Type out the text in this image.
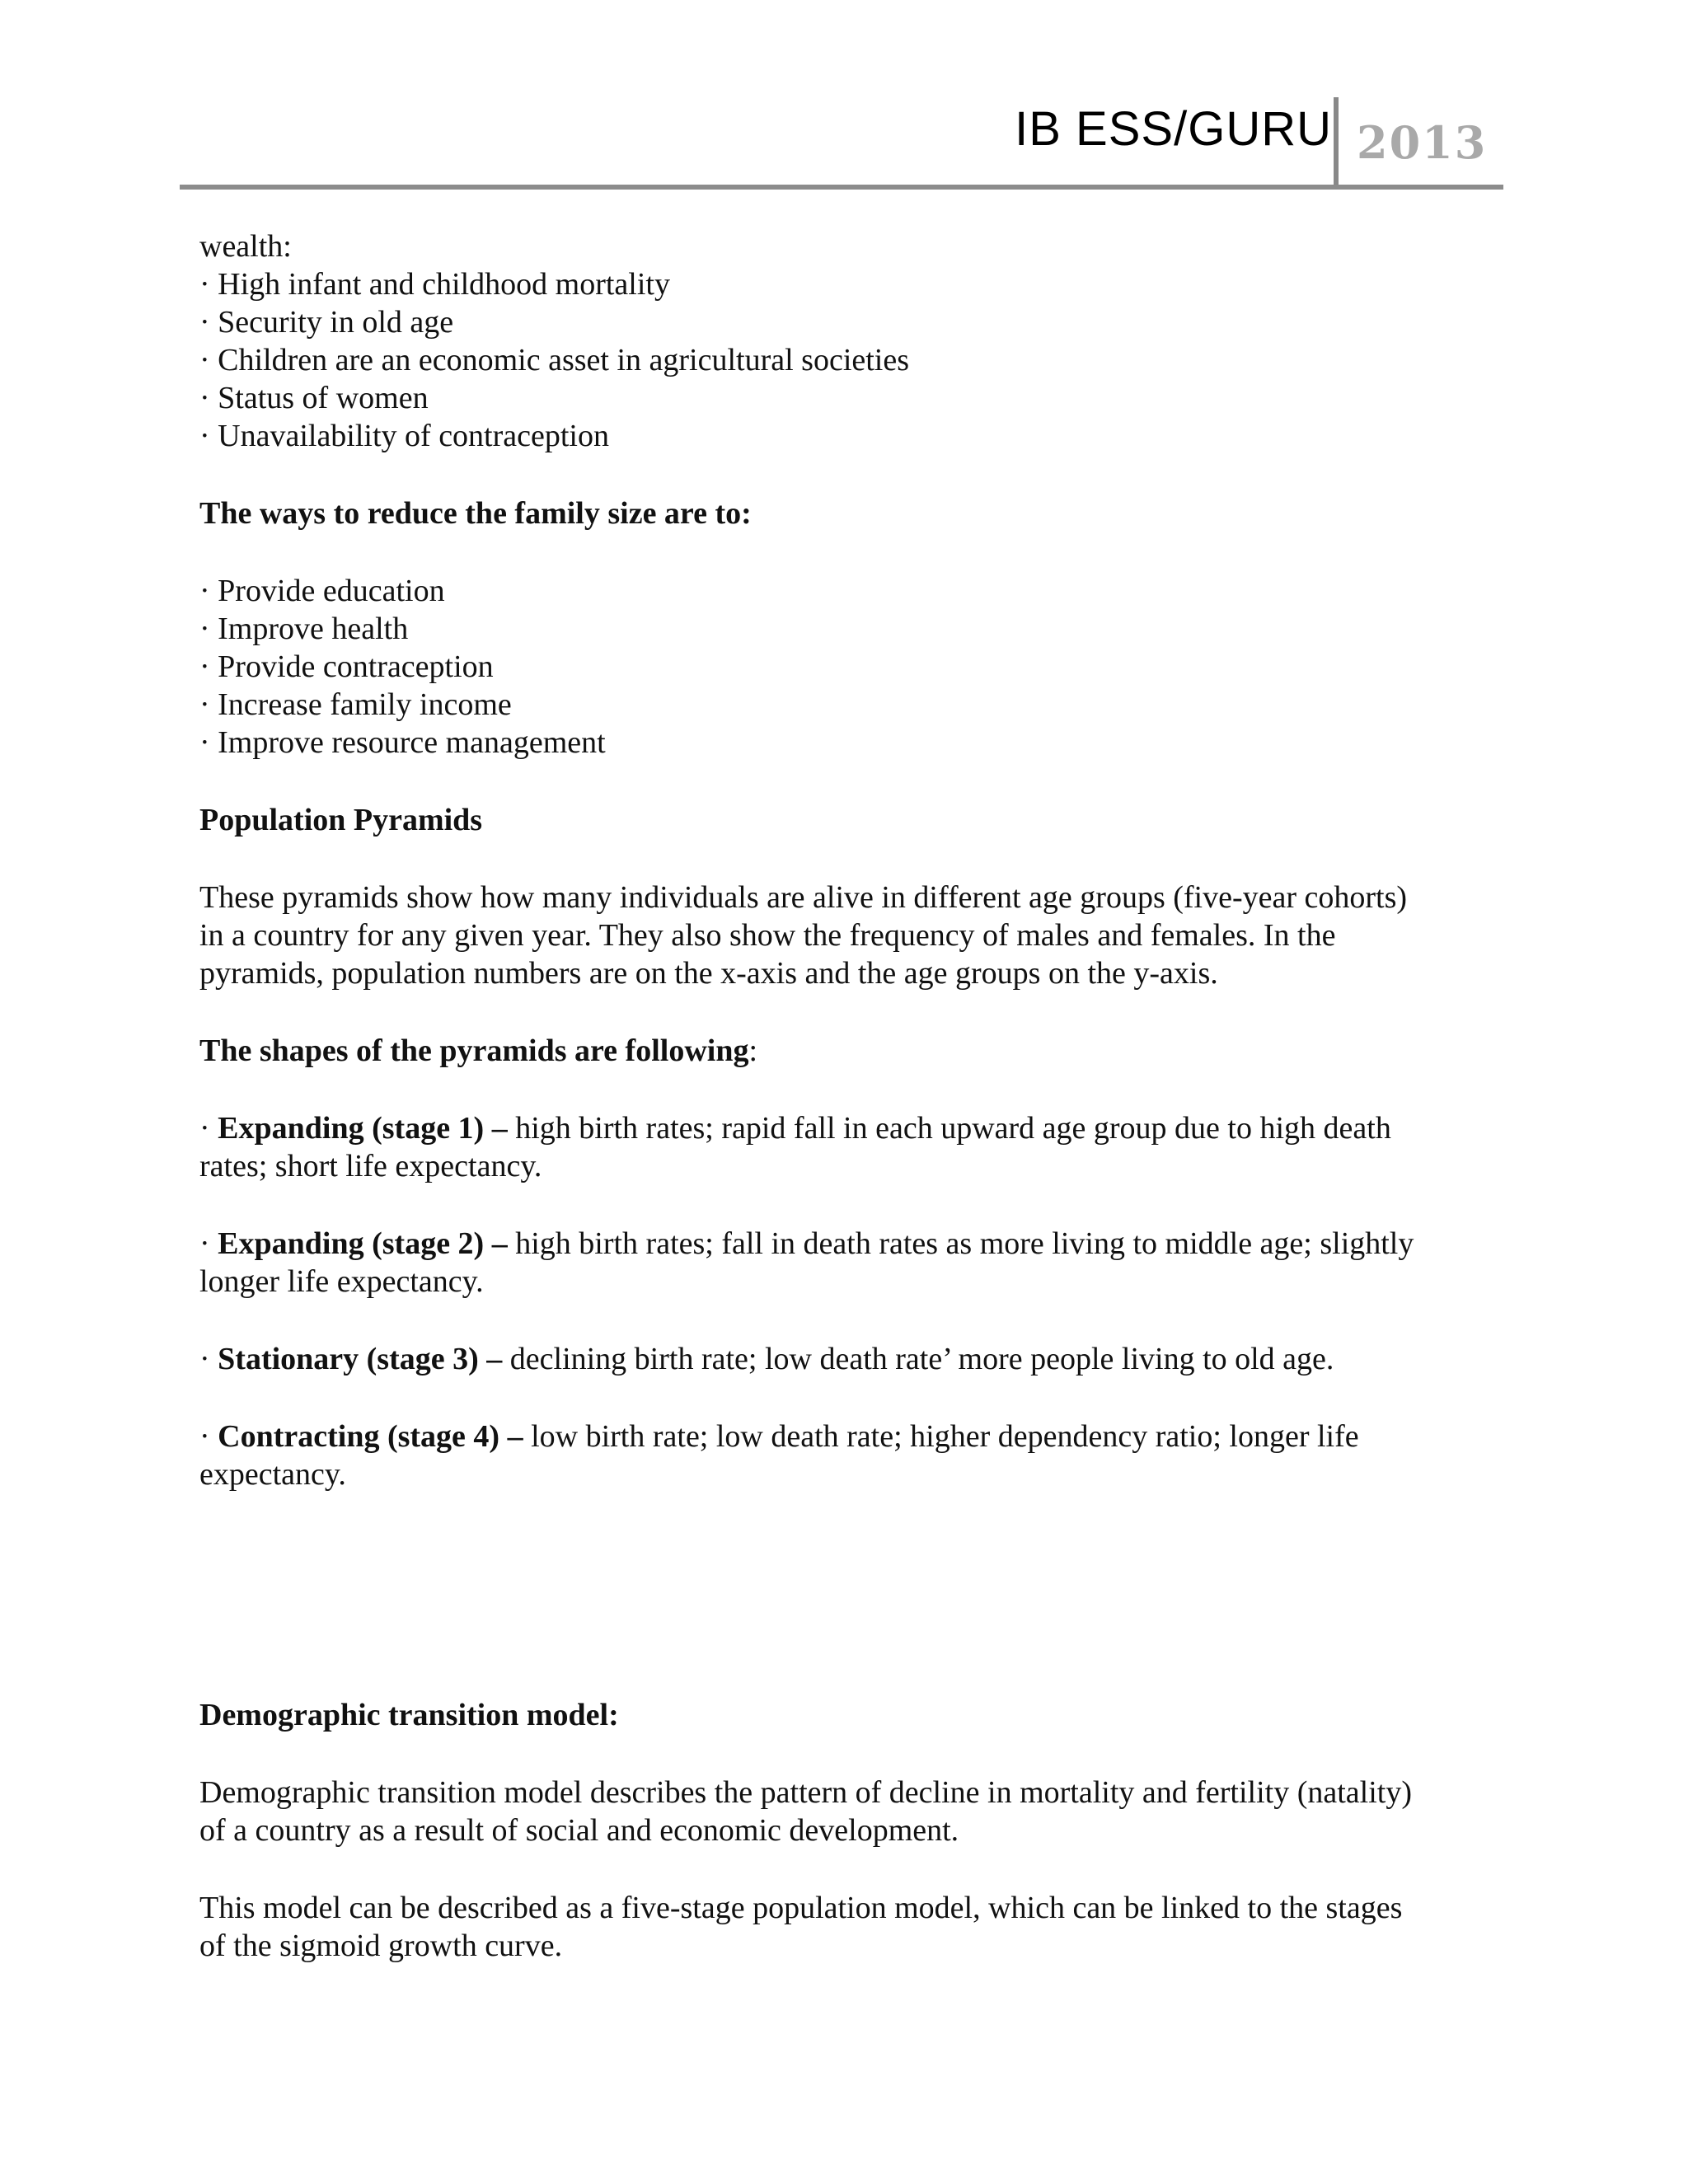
IB ESS/GURU 2013
wealth:
· High infant and childhood mortality
· Security in old age
· Children are an economic asset in agricultural societies
· Status of women
· Unavailability of contraception
The ways to reduce the family size are to:
· Provide education
· Improve health
· Provide contraception
· Increase family income
· Improve resource management
Population Pyramids
These pyramids show how many individuals are alive in different age groups (five-year cohorts)
in a country for any given year. They also show the frequency of males and females. In the
pyramids, population numbers are on the x-axis and the age groups on the y-axis.
The shapes of the pyramids are following:
· Expanding (stage 1) – high birth rates; rapid fall in each upward age group due to high death
rates; short life expectancy.
· Expanding (stage 2) – high birth rates; fall in death rates as more living to middle age; slightly
longer life expectancy.
· Stationary (stage 3) – declining birth rate; low death rate’ more people living to old age.
· Contracting (stage 4) – low birth rate; low death rate; higher dependency ratio; longer life
expectancy.
Demographic transition model:
Demographic transition model describes the pattern of decline in mortality and fertility (natality)
of a country as a result of social and economic development.
This model can be described as a five-stage population model, which can be linked to the stages
of the sigmoid growth curve.
